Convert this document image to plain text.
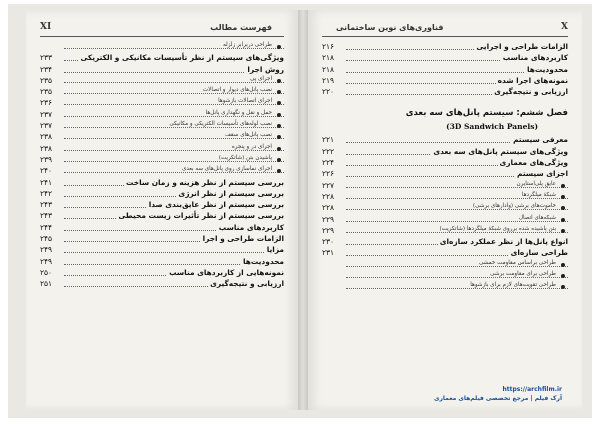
XI	فهرست مطالب
طراحی دربرابر زلزله
ویژگی‌های سیستم از نظر تأسیسات مکانیکی و الکتریکی
۲۳۳
روش اجرا
۲۳۴
اجرای پی
۲۳۵
نصب پانل‌های دیوار و اتصالات
۲۳۵
اجرای اتصالات بازشوها
۲۳۶
حمل و نقل و نگهداری پانل‌ها
۲۳۷
نصب لوله‌های تأسیسات الکتریکی و مکانیکی
۲۳۷
نصب پانل‌های سقف
۲۳۸
اجرای در و پنجره
۲۳۸
پاشیدن بتن (شاتکریت)
۲۳۹
اجرای نماسازی روی پانل‌های سه بعدی
۲۴۰
بررسی سیستم از نظر هزینه و زمان ساخت
۲۴۱
بررسی سیستم از نظر انرژی
۲۴۲
بررسی سیستم از نظر عایق‌بندی صدا
۲۴۳
بررسی سیستم از نظر تأثیرات زیست محیطی
۲۴۳
کاربردهای مناسب
۲۴۴
الزامات طراحی و اجرا
۲۴۵
مزایا
۲۴۹
محدودیت‌ها
۲۴۹
نمونه‌هایی از کاربردهای مناسب
۲۵۰
ارزیابی و نتیجه‌گیری
۲۵۱
X
فناوری‌های نوین ساختمانی
الزامات طراحی و اجرایی
۲۱۶
کاربردهای مناسب
۲۱۸
محدودیت‌ها
۲۱۸
نمونه‌های اجرا شده
۲۱۹
ارزیابی و نتیجه‌گیری
۲۲۰
فصل ششم: سیستم پانل‌های سه بعدی
(3D Sandwich Panels)
معرفی سیستم
۲۲۱
ویژگی‌های سیستم پانل‌های سه بعدی
۲۲۲
ویژگی‌های معماری
۲۲۴
اجزای سیستم
۲۲۶
عایق پلی‌استایرن
۲۲۷
شبکهٔ میلگردها
۲۲۸
خاموت‌های برشی (وادارهای برشی)
۲۲۸
شبکه‌های اتصال
۲۲۹
بتن پاشیده شده برروی شبکهٔ میلگردها (شاتکریت)
۲۲۹
انواع پانل‌ها از نظر عملکرد سازه‌ای
۲۳۰
طراحی سازه‌ای
۲۳۱
طراحی براساس مقاومت خمشی
طراحی برای مقاومت برشی
طراحی تقویت‌های لازم برای بازشوها
https://archfilm.ir
آرک فیلم | مرجع تخصصی فیلم‌های معماری
